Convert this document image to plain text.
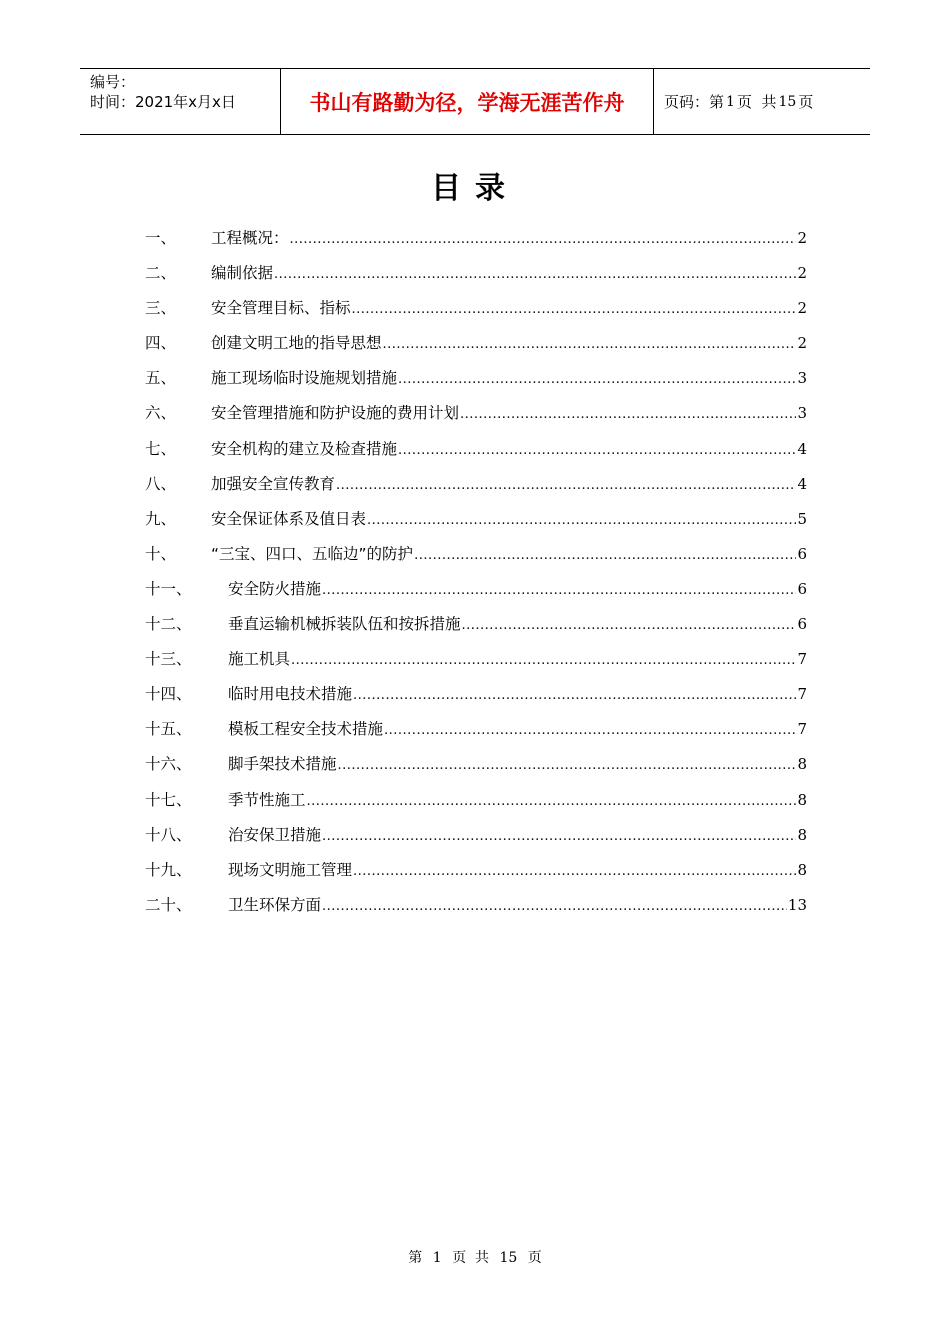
编号：
时间：2021年x月x日	书山有路勤为径，学海无涯苦作舟	页码：第 1 页  共 15 页
目录
一、	工程概况： .....	2
二、	编制依据 .....	2
三、	安全管理目标、指标 .....	2
四、	创建文明工地的指导思想 .....	2
五、	施工现场临时设施规划措施 .....	3
六、	安全管理措施和防护设施的费用计划 .....	3
七、	安全机构的建立及检查措施 .....	4
八、	加强安全宣传教育 .....	4
九、	安全保证体系及值日表 .....	5
十、	“三宝、四口、五临边”的防护 .....	6
十一、	安全防火措施 .....	6
十二、	垂直运输机械拆装队伍和按拆措施 .....	6
十三、	施工机具 .....	7
十四、	临时用电技术措施 .....	7
十五、	模板工程安全技术措施 .....	7
十六、	脚手架技术措施 .....	8
十七、	季节性施工 .....	8
十八、	治安保卫措施 .....	8
十九、	现场文明施工管理 .....	8
二十、	卫生环保方面 .....	13
第 1 页  共 15 页
